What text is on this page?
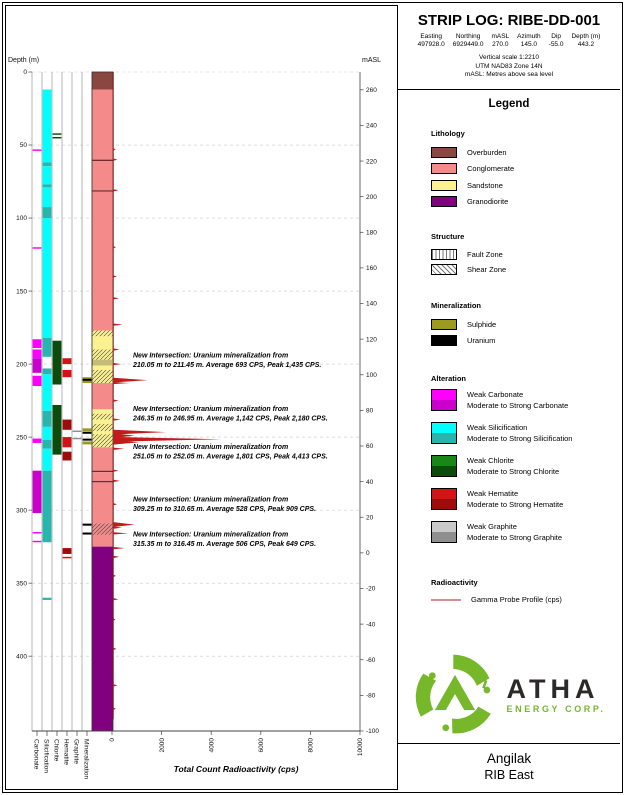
0
50
100
150
200
250
300
350
400
260
240
220
200
180
160
140
120
100
80
60
40
20
0
-20
-40
-60
-80
-100
Depth (m)	mASL
Carbonate Silicification Chlorite Hematite Graphite Mineralization	0	2000	4000	6000	8000	10000
Total Count Radioactivity (cps)
New Intersection: Uranium mineralization from
210.05 m to 211.45 m. Average 693 CPS, Peak 1,435 CPS.
New Intersection: Uranium mineralization from
246.35 m to 246.95 m. Average 1,142 CPS, Peak 2,180 CPS.
New Intersection: Uranium mineralization from
251.05 m to 252.05 m. Average 1,801 CPS, Peak 4,413 CPS.
New Intersection: Uranium mineralization from
309.25 m to 310.65 m. Average 528 CPS, Peak 909 CPS.
New Intersection: Uranium mineralization from
315.35 m to 316.45 m. Average 506 CPS, Peak 649 CPS.
STRIP LOG: RIBE-DD-001
Easting
497928.0
Northing
6929449.0
mASL
270.0
Azimuth
145.0
Dip
-55.0
Depth (m)
443.2
Vertical scale 1:2210
UTM NAD83 Zone 14N
mASL: Metres above sea level
Legend
Lithology
Overburden
Conglomerate
Sandstone
Granodiorite
Structure
Fault Zone
Shear Zone
Mineralization
Sulphide
Uranium
Alteration
Weak Carbonate
Moderate to Strong Carbonate
Weak Silicification
Moderate to Strong Silicification
Weak Chlorite
Moderate to Strong Chlorite
Weak Hematite
Moderate to Strong Hematite
Weak Graphite
Moderate to Strong Graphite
Radioactivity
Gamma Probe Profile (cps)
ATHA
ENERGY CORP.
Angilak
RIB East
